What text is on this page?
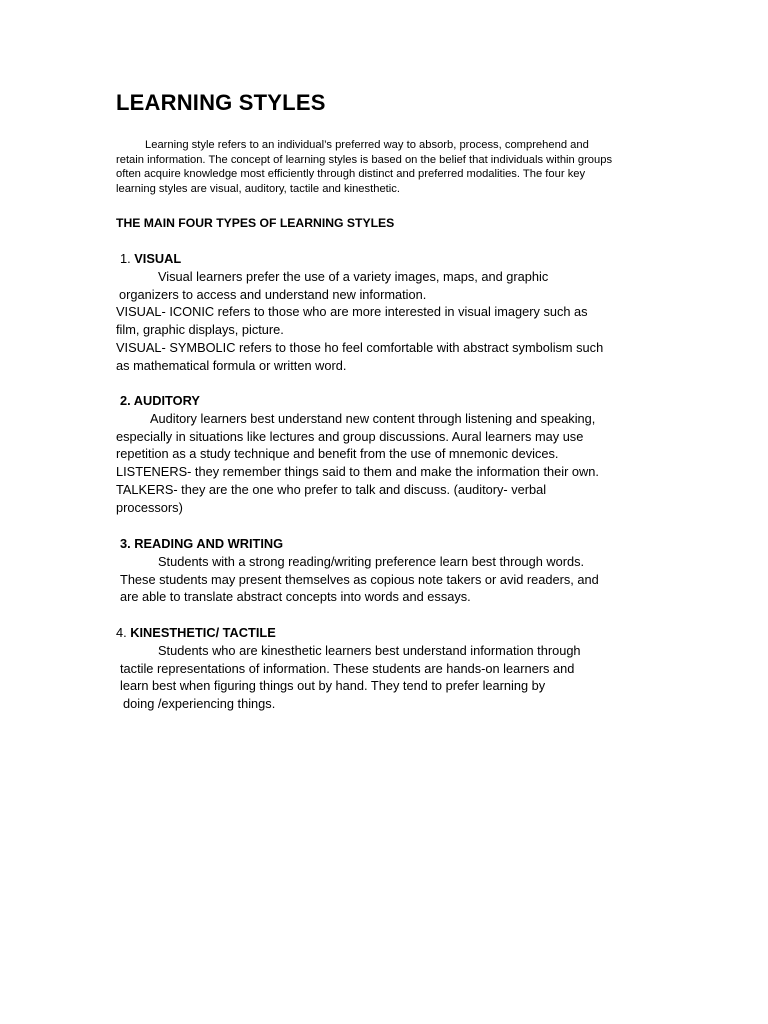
LEARNING STYLES
Learning style refers to an individual’s preferred way to absorb, process, comprehend and
retain information. The concept of learning styles is based on the belief that individuals within groups
often acquire knowledge most efficiently through distinct and preferred modalities. The four key
learning styles are visual, auditory, tactile and kinesthetic.
THE MAIN FOUR TYPES OF LEARNING STYLES
1. VISUAL
Visual learners prefer the use of a variety images, maps, and graphic
organizers to access and understand new information.
VISUAL- ICONIC refers to those who are more interested in visual imagery such as
film, graphic displays, picture.
VISUAL- SYMBOLIC refers to those ho feel comfortable with abstract symbolism such
as mathematical formula or written word.
2. AUDITORY
Auditory learners best understand new content through listening and speaking,
especially in situations like lectures and group discussions. Aural learners may use
repetition as a study technique and benefit from the use of mnemonic devices.
LISTENERS- they remember things said to them and make the information their own.
TALKERS- they are the one who prefer to talk and discuss. (auditory- verbal
processors)
3. READING AND WRITING
Students with a strong reading/writing preference learn best through words.
These students may present themselves as copious note takers or avid readers, and
are able to translate abstract concepts into words and essays.
4. KINESTHETIC/ TACTILE
Students who are kinesthetic learners best understand information through
tactile representations of information. These students are hands-on learners and
learn best when figuring things out by hand. They tend to prefer learning by
doing /experiencing things.
